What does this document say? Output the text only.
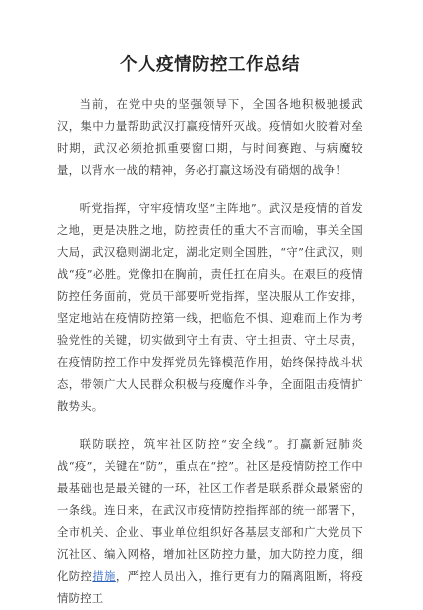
个人疫情防控工作总结

当前，在党中央的坚强领导下，全国各地积极驰援武汉，集中力量帮助武汉打赢疫情歼灭战。疫情如火胶着对垒时期，武汉必须抢抓重要窗口期，与时间赛跑、与病魔较量，以背水一战的精神，务必打赢这场没有硝烟的战争！

听党指挥，守牢疫情攻坚“主阵地”。武汉是疫情的首发之地，更是决胜之地，防控责任的重大不言而喻，事关全国大局，武汉稳则湖北定，湖北定则全国胜，“守”住武汉，则战“疫”必胜。党像扣在胸前，责任扛在肩头。在艰巨的疫情防控任务面前，党员干部要听党指挥，坚决服从工作安排，坚定地站在疫情防控第一线，把临危不惧、迎难而上作为考验党性的关键，切实做到守土有责、守土担责、守土尽责，在疫情防控工作中发挥党员先锋模范作用，始终保持战斗状态，带领广大人民群众积极与疫魔作斗争，全面阻击疫情扩散势头。

联防联控，筑牢社区防控“安全线”。打赢新冠肺炎战“疫”，关键在“防”，重点在“控”。社区是疫情防控工作中最基础也是最关键的一环，社区工作者是联系群众最紧密的一条线。连日来，在武汉市疫情防控指挥部的统一部署下，全市机关、企业、事业单位组织好各基层支部和广大党员下沉社区、编入网格，增加社区防控力量，加大防控力度，细化防控措施，严控人员出入，推行更有力的隔离阻断，将疫情防控工
